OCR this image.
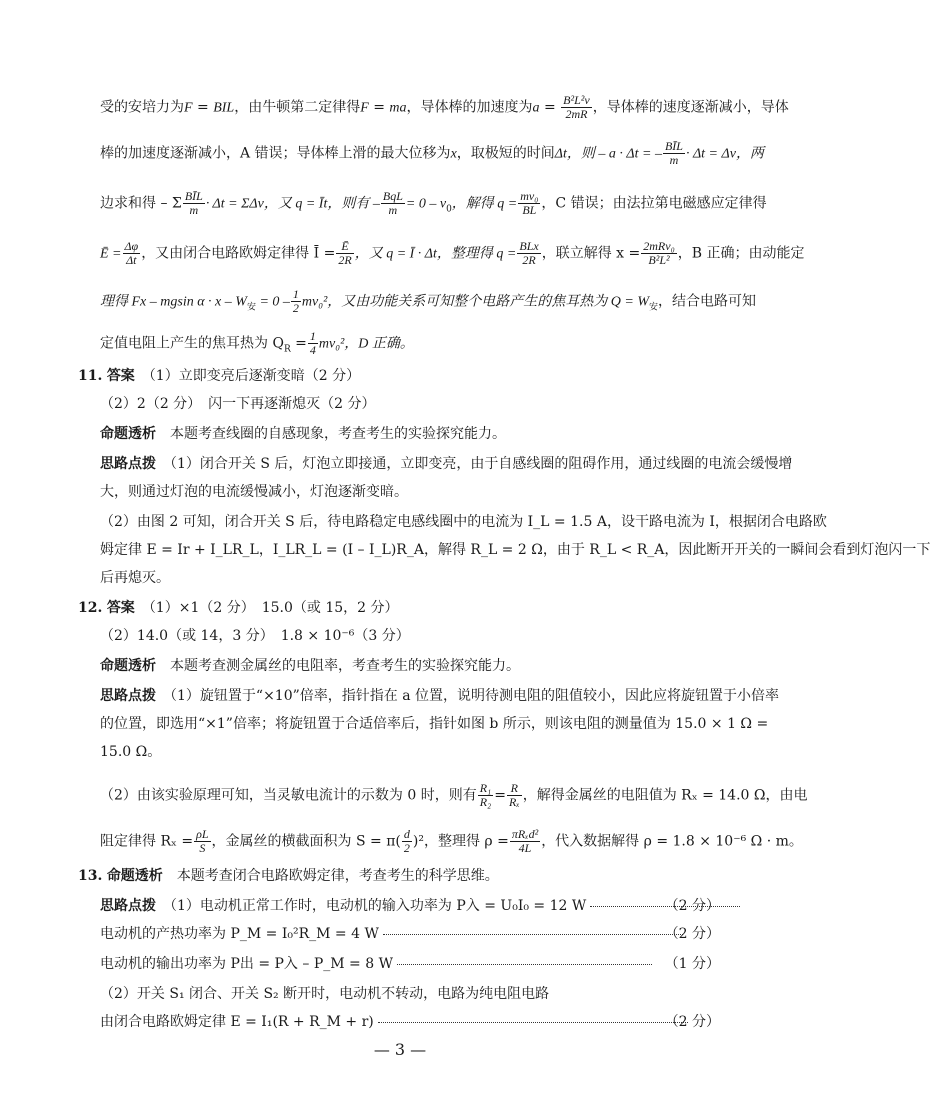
受的安培力为F = BIL，由牛顿第二定律得F = ma，导体棒的加速度为$a = \frac{\text{B²L²v}}{2mR}$ ，导体棒的速度逐渐减小，导体
棒的加速度逐渐减小，A 错误；导体棒上滑的最大位移为x，取极短的时间Δt，则 – a · Δt = – $\frac{\text{BĪL}}{m} \cdot \Delta t = \Delta v$，两
边求和得 – Σ $\frac{\text{BĪL}}{m} \cdot \Delta t = \Sigma\Delta v$，又 q = Īt，则有 – $\frac{\text{BqL}}{m} = 0 - v_0$，解得 $q = \frac{\text{mv₀}}{BL}$ ，C 错误；由法拉第电磁感应定律得
Ē = $\frac{\Delta\varphi}{\Delta t}$ ，又由闭合电路欧姆定律得 Ī = $\frac{Ē}{2R}$ ，又 q = Ī · Δt，整理得 $q = \frac{\text{BLx}}{2R}$ ，联立解得 $x = \frac{\text{2mRv₀}}{\text{B²L²}}$ ，B 正确；由动能定
理得 Fx – mgsin $\alpha \cdot x - W_安 = 0 - \frac{1}{2} mv_0^2$，又由功能关系可知整个电路产生的焦耳热为 $Q = W_安$，结合电路可知
定值电阻上产生的焦耳热为 $Q_R = \frac{1}{4} mv_0^2$，D 正确。
11. 答案　 （1）立即变亮后逐渐变暗（2 分）
（2）2（2 分）　闪一下再逐渐熄灭（2 分）
命题透析　 本题考查线圈的自感现象，考查考生的实验探究能力。
思路点拨　 （1）闭合开关 S 后，灯泡立即接通，立即变亮，由于自感线圈的阻碍作用，通过线圈的电流会缓慢增
大，则通过灯泡的电流缓慢减小，灯泡逐渐变暗。
（2）由图 2 可知，闭合开关 S 后，待电路稳定电感线圈中的电流为 I_L = 1.5 A，设干路电流为 I，根据闭合电路欧
姆定律 E = Ir + I_LR_L，I_LR_L = (I – I_L)R_A，解得 R_L = 2 Ω，由于 R_L < R_A，因此断开开关的一瞬间会看到灯泡闪一下
后再熄灭。
12. 答案　 （1）×1（2 分）　15.0（或 15，2 分）
（2）14.0（或 14，3 分）　1.8 × 10⁻⁶（3 分）
命题透析　 本题考查测金属丝的电阻率，考查考生的实验探究能力。
思路点拨　 （1）旋钮置于“×10”倍率，指针指在 a 位置，说明待测电阻的阻值较小，因此应将旋钮置于小倍率
的位置，即选用“×1”倍率；将旋钮置于合适倍率后，指针如图 b 所示，则该电阻的测量值为 15.0 × 1 Ω =
15.0 Ω。
（2）由该实验原理可知，当灵敏电流计的示数为 0 时，则有 $\frac{\text{R₁}}{\text{R₂}} = \frac{R}{\text{Rₓ}}$ ，解得金属丝的电阻值为 Rₓ = 14.0 Ω，由电
阻定律得 $R_x = \frac{\rho L}{S}$ ，金属丝的横截面积为 $S = \pi( \frac{d}{2} )^2$，整理得 $\rho = \frac{\text{πRₓd²}}{4L}$ ，代入数据解得 ρ = 1.8 × 10⁻⁶ Ω · m。
13. 命题透析　 本题考查闭合电路欧姆定律，考查考生的科学思维。
思路点拨　 （1）电动机正常工作时，电动机的输入功率为 P入 = U₀I₀ = 12 W	（2 分）
电动机的产热功率为 P_M = I₀²R_M = 4 W	（2 分）
电动机的输出功率为 P出 = P入 – P_M = 8 W	（1 分）
（2）开关 S₁ 闭合、开关 S₂ 断开时，电动机不转动，电路为纯电阻电路
由闭合电路欧姆定律 E = I₁(R + R_M + r)	（2 分）
— 3 —
